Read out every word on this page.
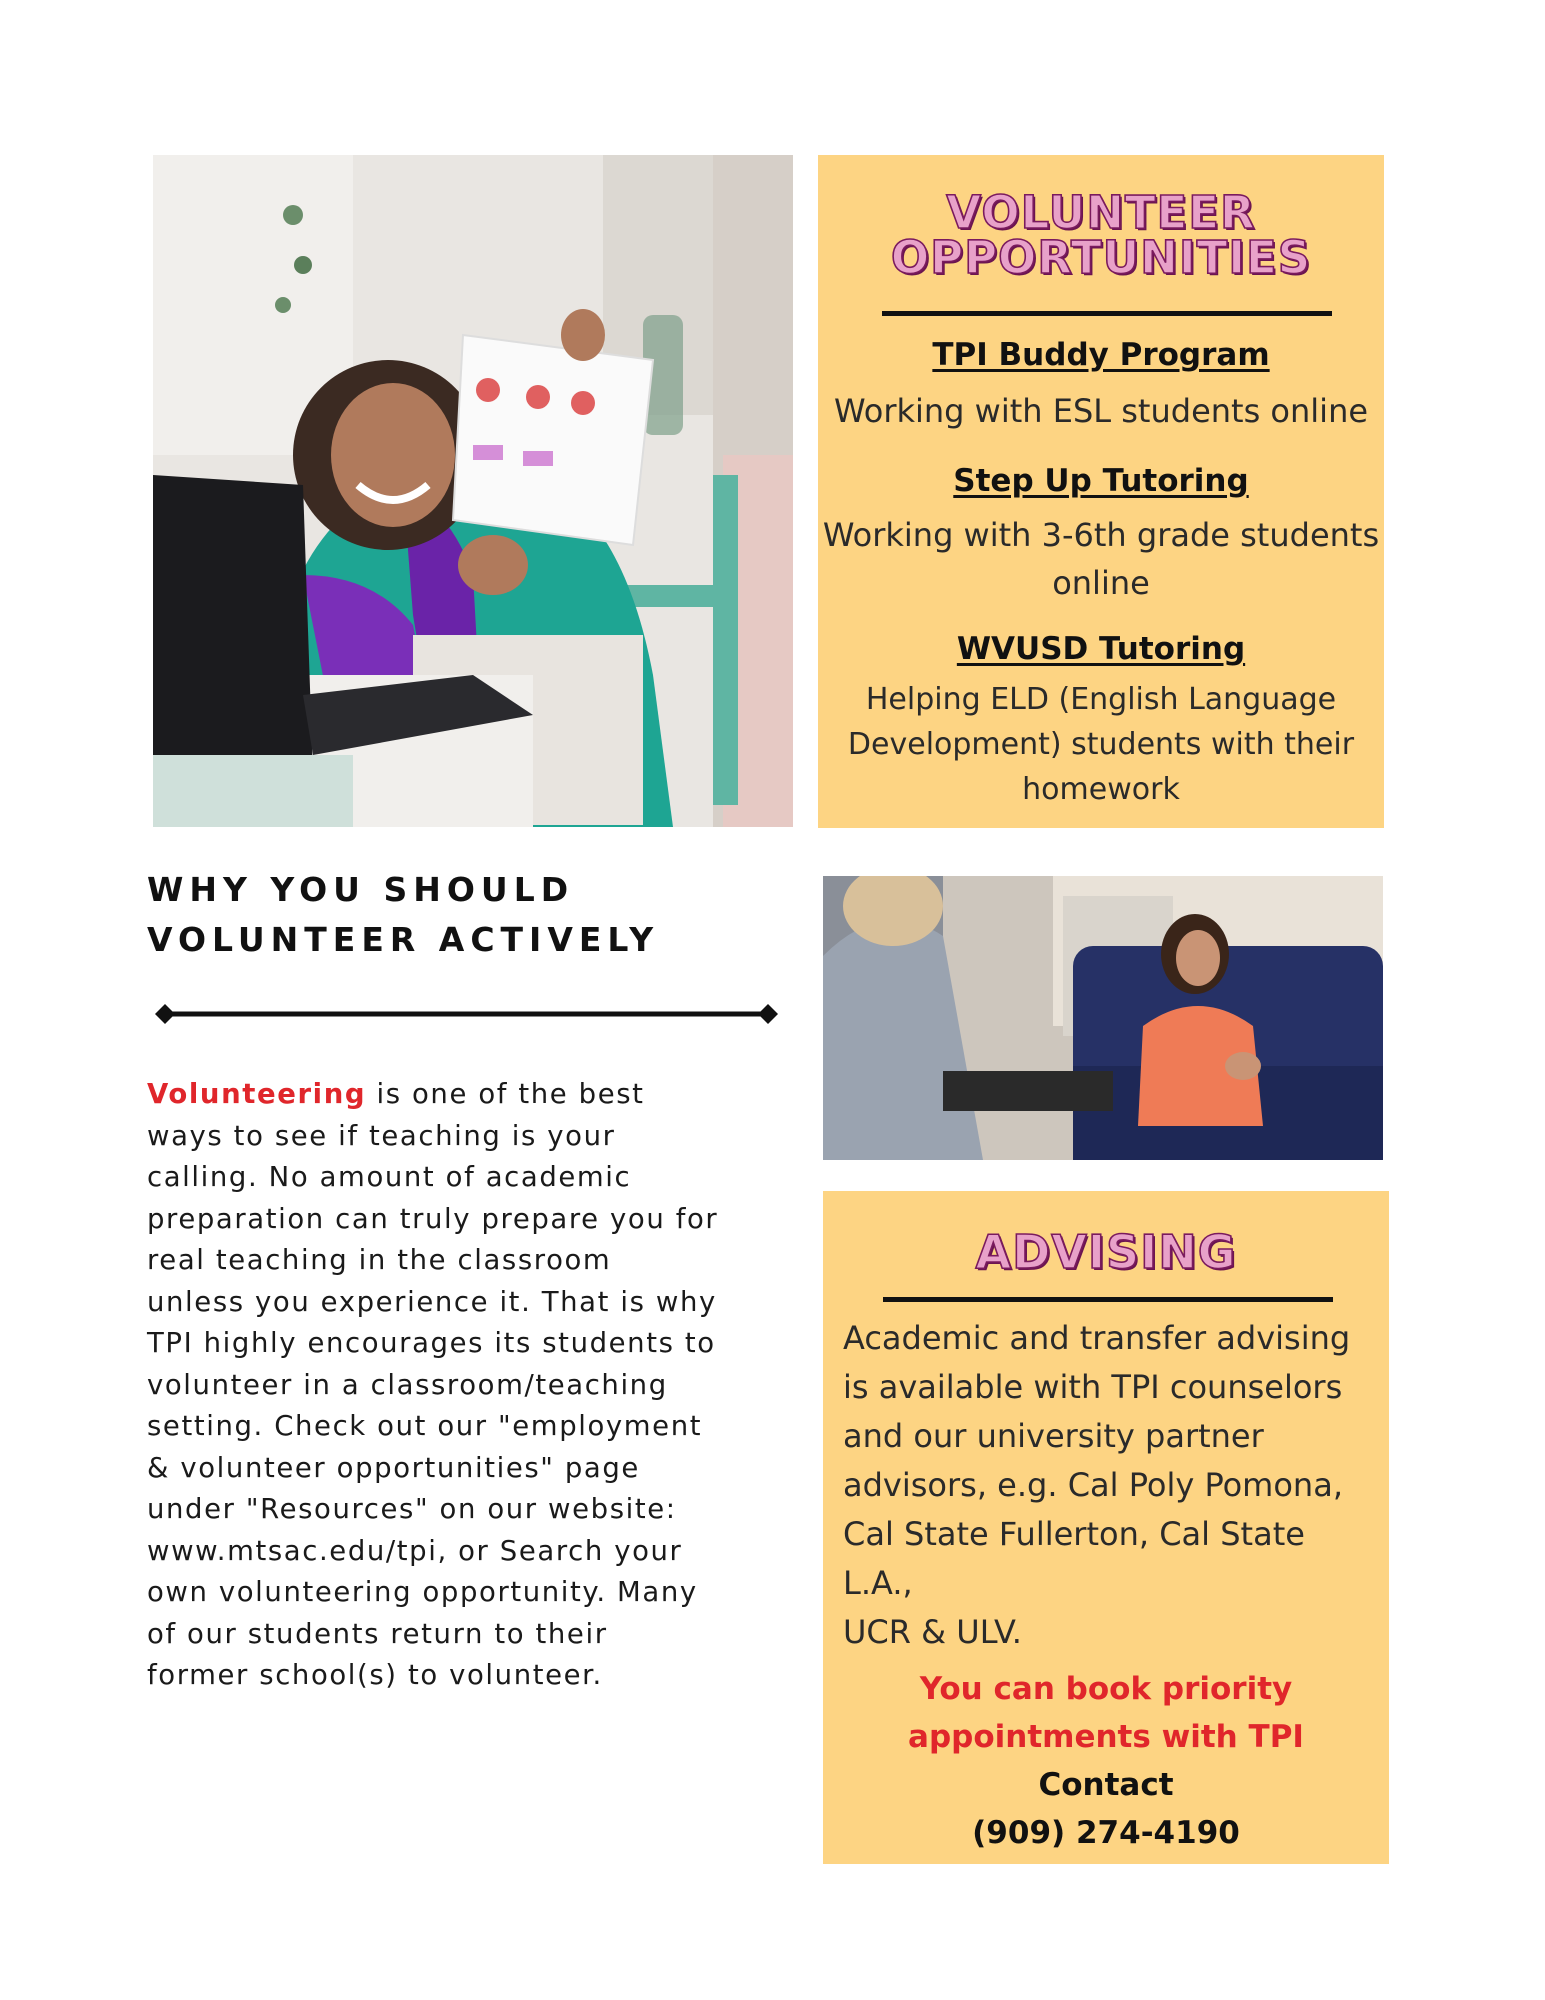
VOLUNTEER
OPPORTUNITIES
TPI Buddy Program
Working with ESL students online
Step Up Tutoring
Working with 3-6th grade students
online
WVUSD Tutoring
Helping ELD (English Language
Development) students with their
homework
WHY YOU SHOULD
VOLUNTEER ACTIVELY
Volunteering is one of the best
ways to see if teaching is your
calling. No amount of academic
preparation can truly prepare you for
real teaching in the classroom
unless you experience it. That is why
TPI highly encourages its students to
volunteer in a classroom/teaching
setting. Check out our "employment
& volunteer opportunities" page
under "Resources" on our website:
www.mtsac.edu/tpi, or Search your
own volunteering opportunity. Many
of our students return to their
former school(s) to volunteer.
ADVISING
Academic and transfer advising
is available with TPI counselors
and our university partner
advisors, e.g. Cal Poly Pomona,
Cal State Fullerton, Cal State L.A.,
UCR & ULV.
You can book priority
appointments with TPI
Contact
(909) 274-4190
